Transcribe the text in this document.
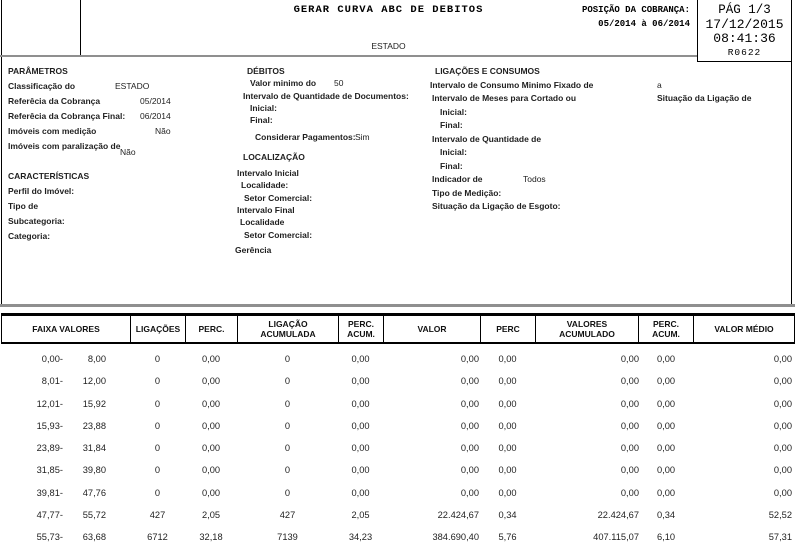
GERAR CURVA ABC DE DEBITOS
ESTADO
POSIÇÃO DA COBRANÇA:
05/2014 à 06/2014
PÁG 1/3
17/12/2015
08:41:36
R0622
PARÂMETROS
Classificação do	ESTADO
Referêcia da Cobrança	05/2014
Referêcia da Cobrança Final: 06/2014
Imóveis com medição	Não
Imóveis com paralização de
Não
CARACTERÍSTICAS
Perfil do Imóvel:
Tipo de
Subcategoria:
Categoria:
DÉBITOS
Valor minimo do 50
Intervalo de Quantidade de Documentos:
Inicial:
Final:
Considerar Pagamentos: Sim
LOCALIZAÇÃO
Intervalo Inicial
Localidade:
Setor Comercial:
Intervalo Final
Localidade
Setor Comercial:
Gerência
LIGAÇÕES E CONSUMOS
Intervalo de Consumo Minimo Fixado de	a
Intervalo de Meses para Cortado ou	Situação da Ligação de
Inicial:
Final:
Intervalo de Quantidade de
Inicial:
Final:
Indicador de	Todos
Tipo de Medição:
Situação da Ligação de Esgoto:
FAIXA VALORES	LIGAÇÕES PERC.
LIGAÇÃO
ACUMULADA
PERC.
ACUM.
VALOR	PERC
VALORES
ACUMULADO
PERC.
ACUM.
VALOR MÉDIO
0,00-	8,00	0	0,00	0	0,00	0,00	0,00	0,00	0,00	0,00
8,01-	12,00	0	0,00	0	0,00	0,00	0,00	0,00	0,00	0,00
12,01-	15,92	0	0,00	0	0,00	0,00	0,00	0,00	0,00	0,00
15,93-	23,88	0	0,00	0	0,00	0,00	0,00	0,00	0,00	0,00
23,89-	31,84	0	0,00	0	0,00	0,00	0,00	0,00	0,00	0,00
31,85-	39,80	0	0,00	0	0,00	0,00	0,00	0,00	0,00	0,00
39,81-	47,76	0	0,00	0	0,00	0,00	0,00	0,00	0,00	0,00
47,77-	55,72	427	2,05	427	2,05	22.424,67	0,34	22.424,67	0,34	52,52
55,73-	63,68	6712	32,18	7139	34,23	384.690,40	5,76	407.115,07	6,10	57,31
